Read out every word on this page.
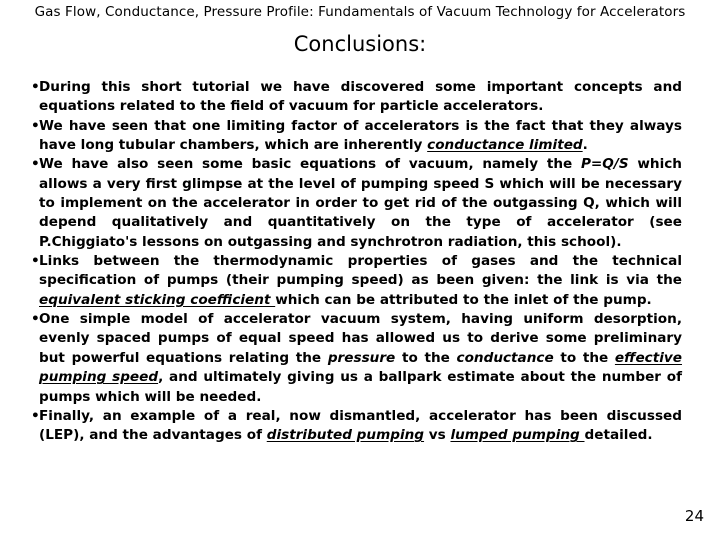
Gas Flow, Conductance, Pressure Profile: Fundamentals of Vacuum Technology for Accelerators
Conclusions:
• During this short tutorial we have discovered some important concepts and equations related to the field of vacuum for particle accelerators.
• We have seen that one limiting factor of accelerators is the fact that they always have long tubular chambers, which are inherently conductance limited.
• We have also seen some basic equations of vacuum, namely the P=Q/S which allows a very first glimpse at the level of pumping speed S which will be necessary to implement on the accelerator in order to get rid of the outgassing Q, which will depend qualitatively and quantitatively on the type of accelerator (see P.Chiggiato's lessons on outgassing and synchrotron radiation, this school).
• Links between the thermodynamic properties of gases and the technical specification of pumps (their pumping speed) as been given: the link is via the equivalent sticking coefficient which can be attributed to the inlet of the pump.
• One simple model of accelerator vacuum system, having uniform desorption, evenly spaced pumps of equal speed has allowed us to derive some preliminary but powerful equations relating the pressure to the conductance to the effective pumping speed, and ultimately giving us a ballpark estimate about the number of pumps which will be needed.
• Finally, an example of a real, now dismantled, accelerator has been discussed (LEP), and the advantages of distributed pumping vs lumped pumping detailed.
24
